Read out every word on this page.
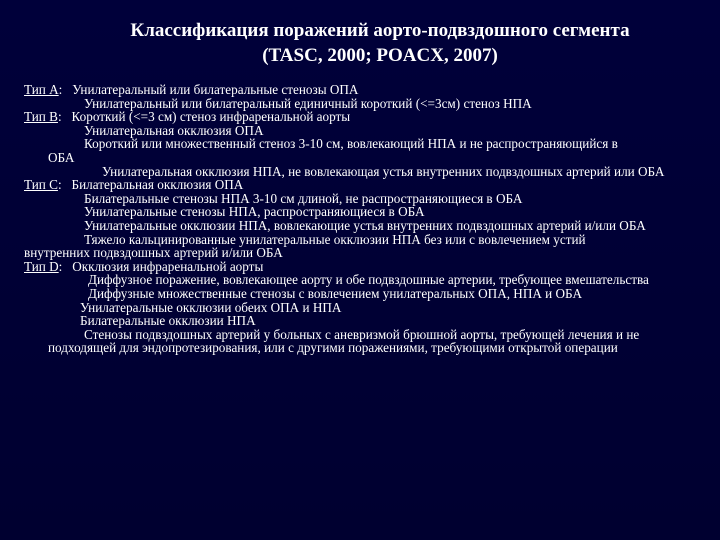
Классификация поражений аорто-подвздошного сегмента
(TASC, 2000; POACX, 2007)
Тип А:   Унилатеральный или билатеральные стенозы ОПА
Унилатеральный или билатеральный единичный короткий (<=3см) стеноз НПА
Тип В:   Короткий (<=3 см) стеноз инфраренальной аорты
Унилатеральная окклюзия ОПА
Короткий или множественный стеноз 3-10 см, вовлекающий НПА и не распространяющийся в ОБА
Унилатеральная окклюзия НПА, не вовлекающая устья внутренних подвздошных артерий или ОБА
Тип С:   Билатеральная окклюзия ОПА
Билатеральные стенозы НПА 3-10 см длиной, не распространяющиеся в ОБА
Унилатеральные стенозы НПА, распространяющиеся в ОБА
Унилатеральные окклюзии НПА, вовлекающие устья внутренних подвздошных артерий и/или ОБА
Тяжело кальцинированные унилатеральные окклюзии НПА без или с вовлечением устий внутренних подвздошных артерий и/или ОБА
Тип D:   Окклюзия инфраренальной аорты
Диффузное поражение, вовлекающее аорту и обе подвздошные артерии, требующее вмешательства
Диффузные множественные стенозы с вовлечением унилатеральных ОПА, НПА и ОБА
Унилатеральные окклюзии обеих ОПА и НПА
Билатеральные окклюзии НПА
Стенозы подвздошных артерий у больных с аневризмой брюшной аорты, требующей лечения и не подходящей для эндопротезирования, или с другими поражениями, требующими открытой операции
